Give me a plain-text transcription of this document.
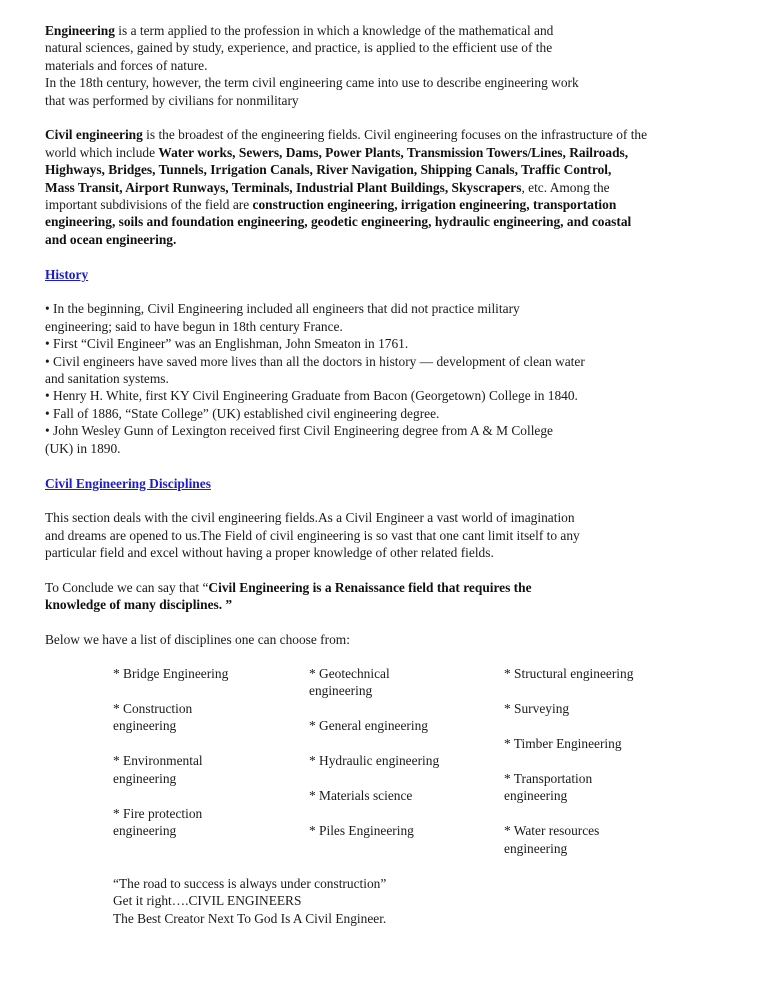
Engineering is a term applied to the profession in which a knowledge of the mathematical and

natural sciences, gained by study, experience, and practice, is applied to the efficient use of the

materials and forces of nature.

In the 18th century, however, the term civil engineering came into use to describe engineering work

that was performed by civilians for nonmilitary

Civil engineering is the broadest of the engineering fields. Civil engineering focuses on the infrastructure of the

world which include Water works, Sewers, Dams, Power Plants, Transmission Towers/Lines, Railroads,

Highways, Bridges, Tunnels, Irrigation Canals, River Navigation, Shipping Canals, Traffic Control,

Mass Transit, Airport Runways, Terminals, Industrial Plant Buildings, Skyscrapers, etc. Among the

important subdivisions of the field are construction engineering, irrigation engineering, transportation

engineering, soils and foundation engineering, geodetic engineering, hydraulic engineering, and coastal

and ocean engineering.

History

• In the beginning, Civil Engineering included all engineers that did not practice military

engineering; said to have begun in 18th century France.

• First “Civil Engineer” was an Englishman, John Smeaton in 1761.

• Civil engineers have saved more lives than all the doctors in history — development of clean water

and sanitation systems.

• Henry H. White, first KY Civil Engineering Graduate from Bacon (Georgetown) College in 1840.

• Fall of 1886, “State College” (UK) established civil engineering degree.

• John Wesley Gunn of Lexington received first Civil Engineering degree from A & M College

(UK) in 1890.

Civil Engineering Disciplines

This section deals with the civil engineering fields.As a Civil Engineer a vast world of imagination

and dreams are opened to us.The Field of civil engineering is so vast that one cant limit itself to any

particular field and excel without having a proper knowledge of other related fields.

To Conclude we can say that “Civil Engineering is a Renaissance field that requires the

knowledge of many disciplines. ”

Below we have a list of disciplines one can choose from:

* Bridge Engineering
* Construction
engineering
* Environmental
engineering
* Fire protection
engineering
* Geotechnical
engineering
* General engineering
* Hydraulic engineering
* Materials science
* Piles Engineering
* Structural engineering
* Surveying
* Timber Engineering
* Transportation
engineering
* Water resources
engineering
“The road to success is always under construction”
Get it right….CIVIL ENGINEERS
The Best Creator Next To God Is A Civil Engineer.
